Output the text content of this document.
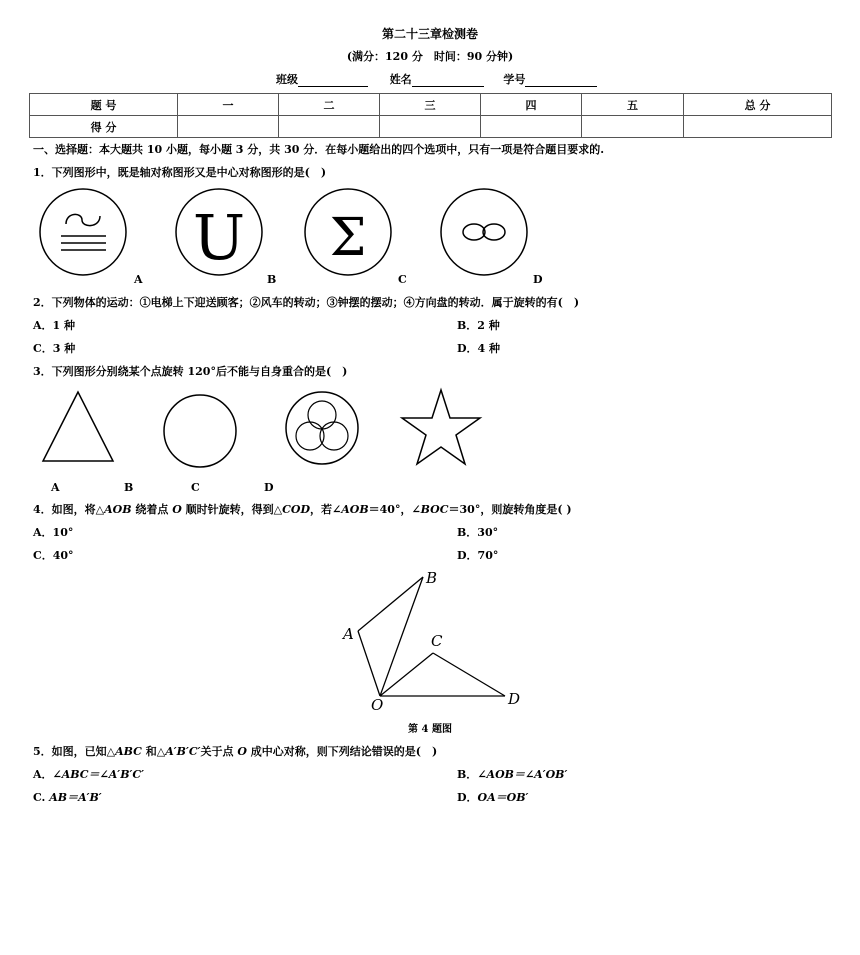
第二十三章检测卷
(满分：120 分　时间：90 分钟)
班级	姓名	学号
题 号	一	二	三	四	五	总 分
得 分						
一、选择题：本大题共 10 小题，每小题 3 分，共 30 分．在每小题给出的四个选项中，只有一项是符合题目要求的.
1．下列图形中，既是轴对称图形又是中心对称图形的是(　)
U Σ
A	B	C	D
2．下列物体的运动：①电梯上下迎送顾客；②风车的转动；③钟摆的摆动；④方向盘的转动．属于旋转的有(　)
A．1 种	B．2 种
C．3 种	D．4 种
3．下列图形分别绕某个点旋转 120°后不能与自身重合的是(　)
A	B	C	D
4．如图，将△AOB 绕着点 O 顺时针旋转，得到△COD，若∠AOB＝40°，∠BOC＝30°，则旋转角度是( )
A．10°	B．30°
C．40°	D．70°
A
B
C
D
O
第 4 题图
5．如图，已知△ABC 和△A′B′C′关于点 O 成中心对称，则下列结论错误的是(　)
A．∠ABC＝∠A′B′C′	B．∠AOB＝∠A′OB′
C. AB＝A′B′	D．OA＝OB′
